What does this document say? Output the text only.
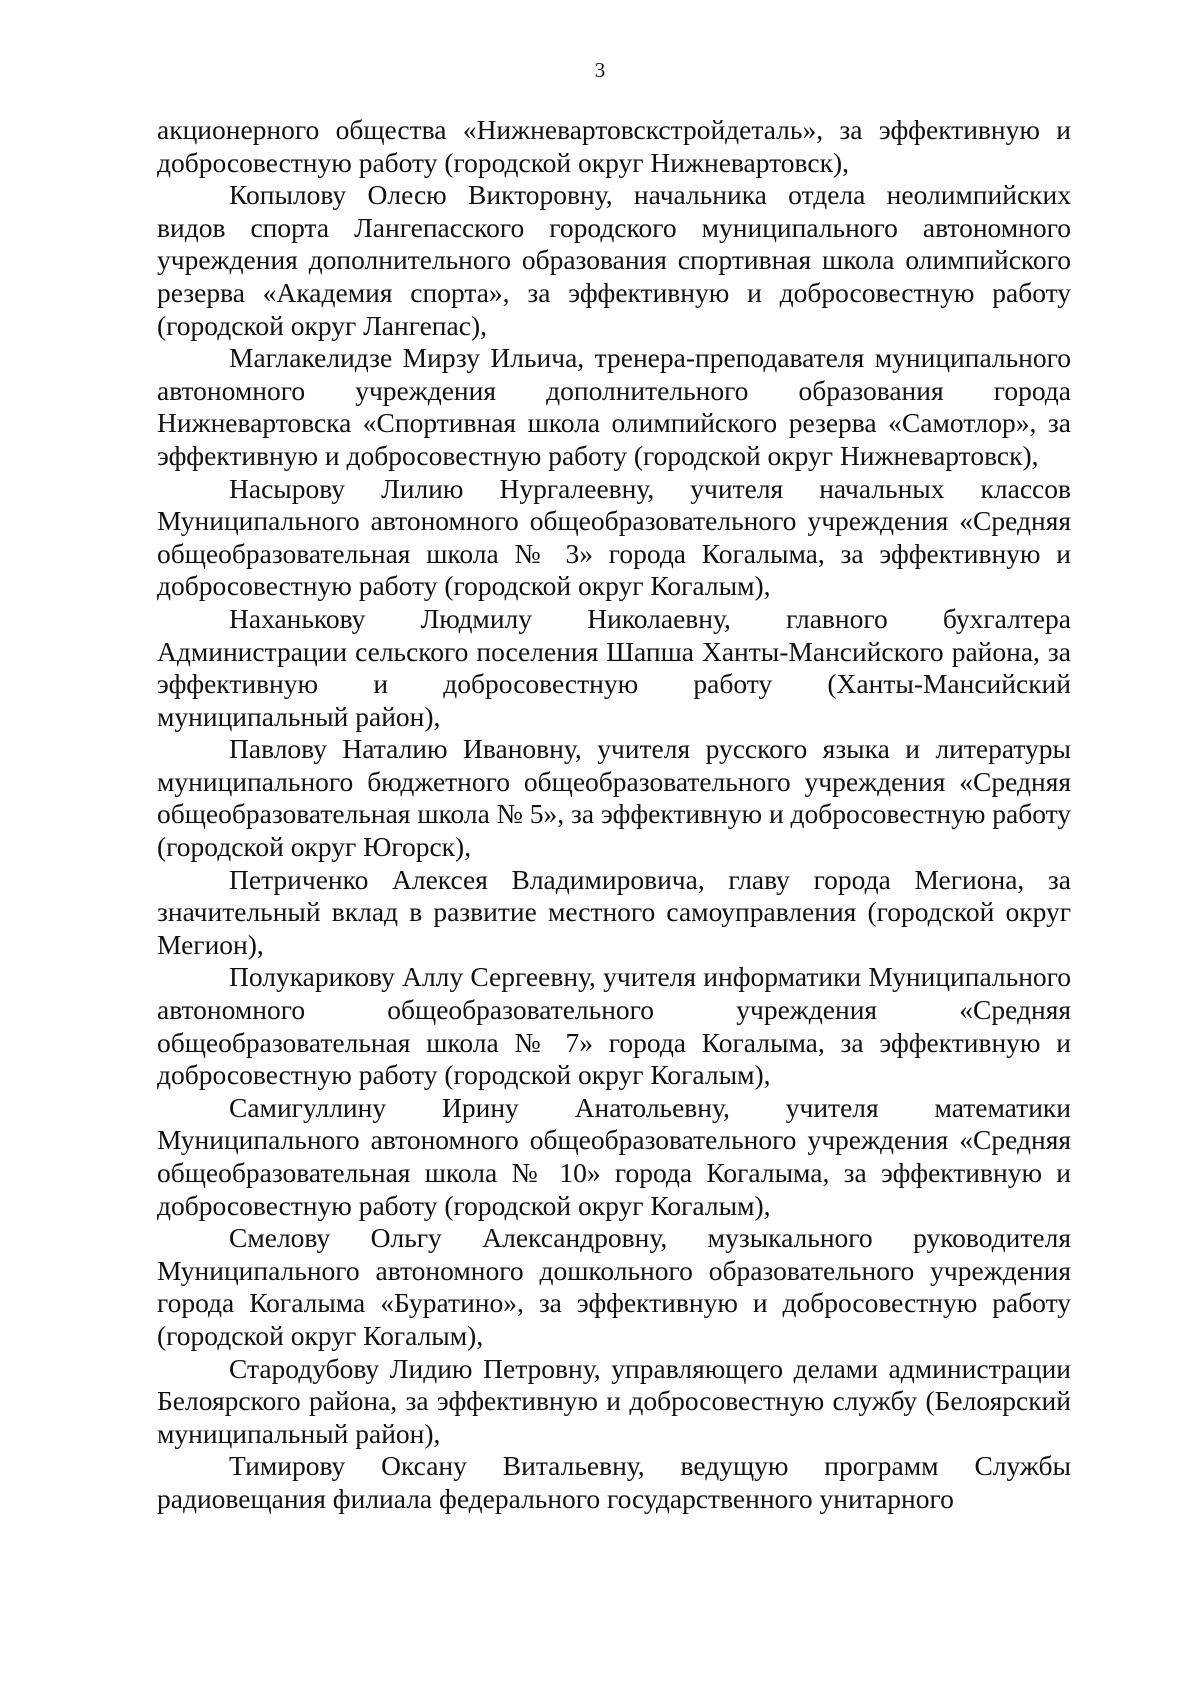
3

акционерного общества «Нижневартовскстройдеталь», за эффективную и добросовестную работу (городской округ Нижневартовск),

Копылову Олесю Викторовну, начальника отдела неолимпийских видов спорта Лангепасского городского муниципального автономного учреждения дополнительного образования спортивная школа олимпийского резерва «Академия спорта», за эффективную и добросовестную работу (городской округ Лангепас),

Маглакелидзе Мирзу Ильича, тренера-преподавателя муниципального автономного учреждения дополнительного образования города Нижневартовска «Спортивная школа олимпийского резерва «Самотлор», за эффективную и добросовестную работу (городской округ Нижневартовск),

Насырову Лилию Нургалеевну, учителя начальных классов Муниципального автономного общеобразовательного учреждения «Средняя общеобразовательная школа № 3» города Когалыма, за эффективную и добросовестную работу (городской округ Когалым),

Наханькову Людмилу Николаевну, главного бухгалтера Администрации сельского поселения Шапша Ханты-Мансийского района, за эффективную и добросовестную работу (Ханты-Мансийский муниципальный район),

Павлову Наталию Ивановну, учителя русского языка и литературы муниципального бюджетного общеобразовательного учреждения «Средняя общеобразовательная школа № 5», за эффективную и добросовестную работу (городской округ Югорск),

Петриченко Алексея Владимировича, главу города Мегиона, за значительный вклад в развитие местного самоуправления (городской округ Мегион),

Полукарикову Аллу Сергеевну, учителя информатики Муниципального автономного общеобразовательного учреждения «Средняя общеобразовательная школа № 7» города Когалыма, за эффективную и добросовестную работу (городской округ Когалым),

Самигуллину Ирину Анатольевну, учителя математики Муниципального автономного общеобразовательного учреждения «Средняя общеобразовательная школа № 10» города Когалыма, за эффективную и добросовестную работу (городской округ Когалым),

Смелову Ольгу Александровну, музыкального руководителя Муниципального автономного дошкольного образовательного учреждения города Когалыма «Буратино», за эффективную и добросовестную работу (городской округ Когалым),

Стародубову Лидию Петровну, управляющего делами администрации Белоярского района, за эффективную и добросовестную службу (Белоярский муниципальный район),

Тимирову Оксану Витальевну, ведущую программ Службы радиовещания филиала федерального государственного унитарного
